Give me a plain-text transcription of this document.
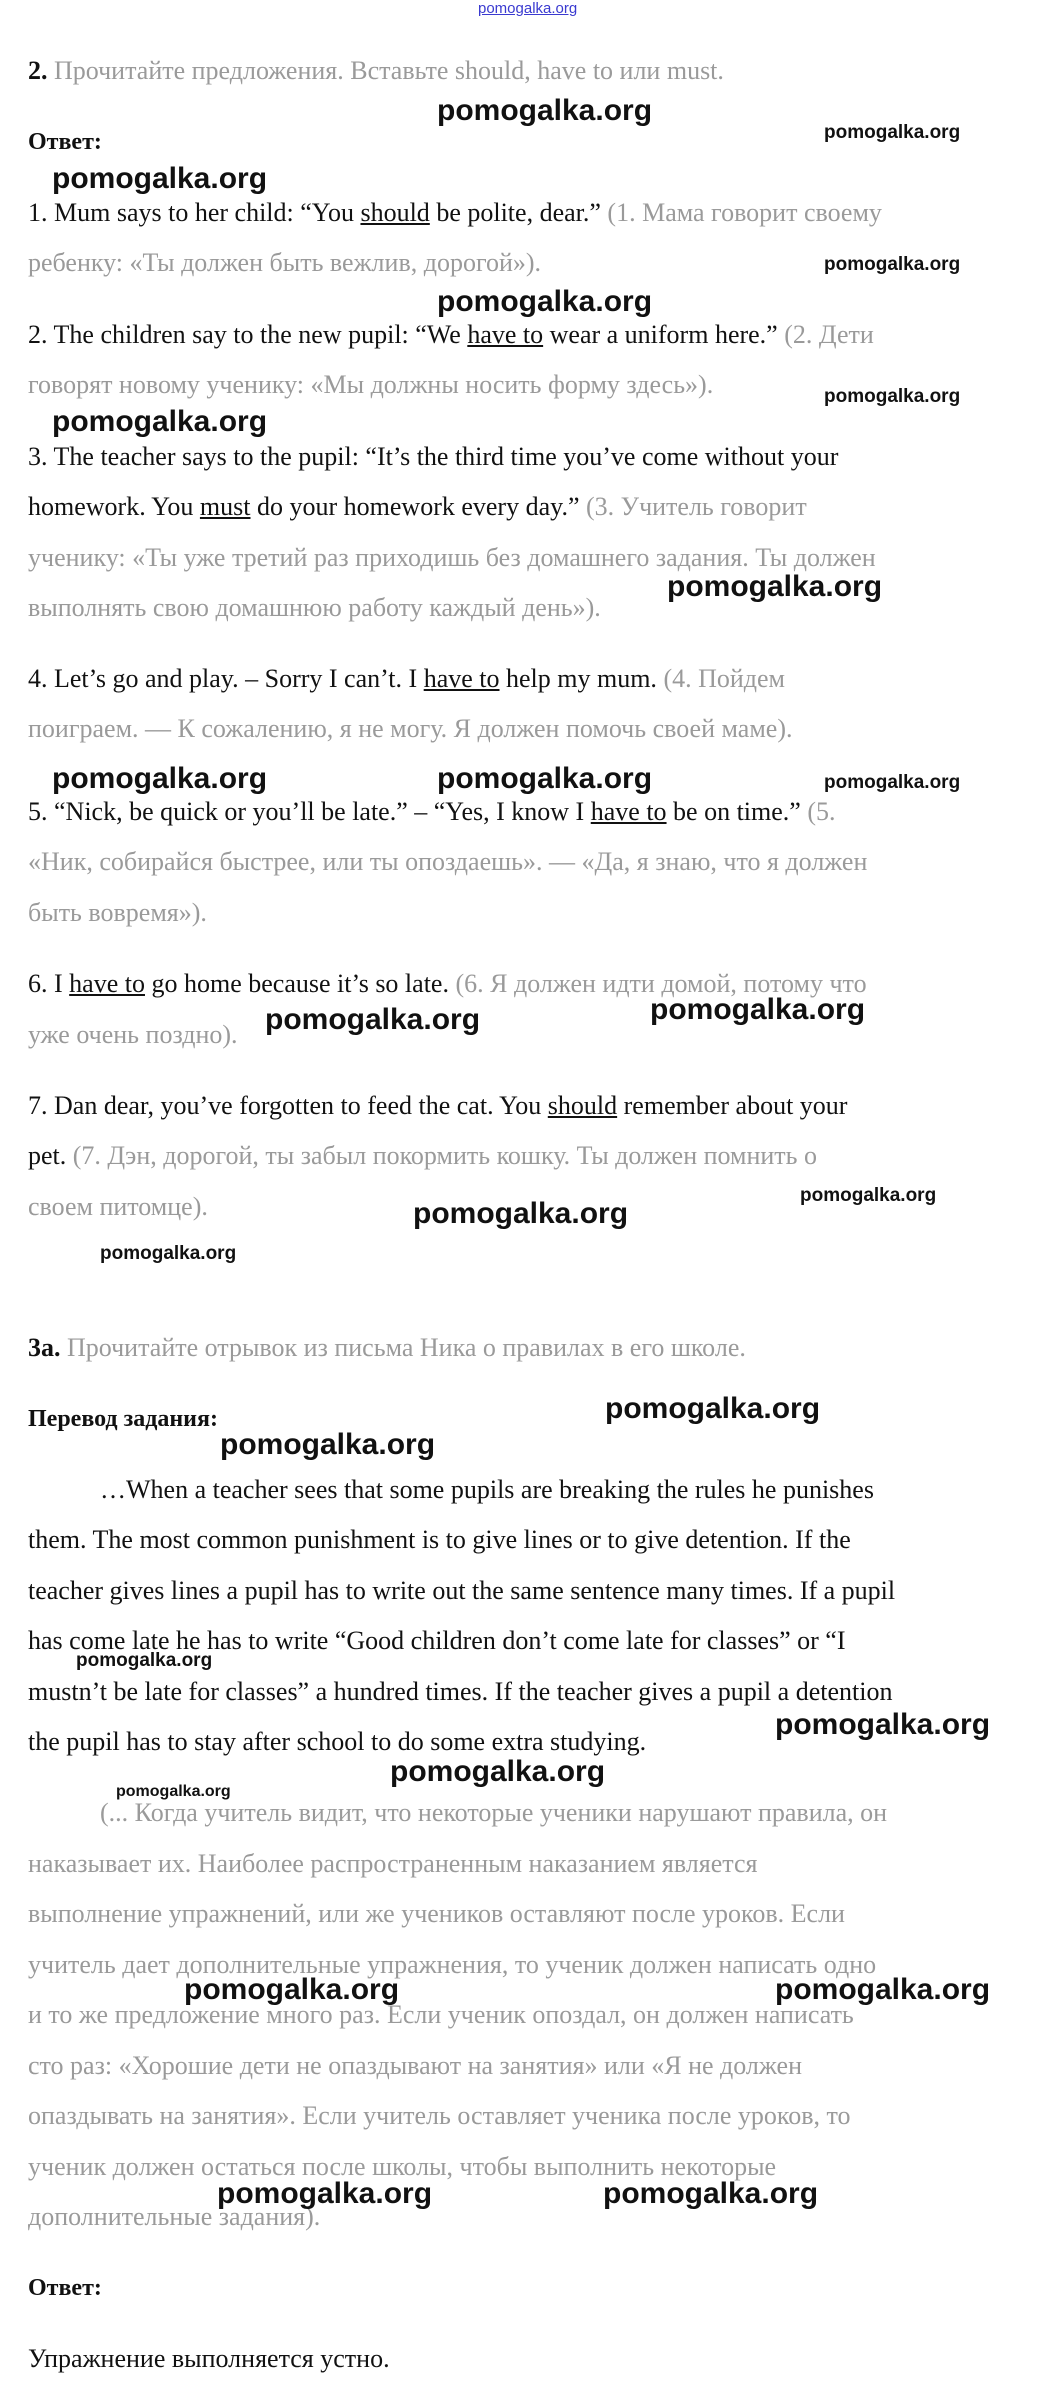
pomogalka.org
2. Прочитайте предложения. Вставьте should, have to или must.
Ответ:
1. Mum says to her child: “You should be polite, dear.” (1. Мама говорит своему
ребенку: «Ты должен быть вежлив, дорогой»).
2. The children say to the new pupil: “We have to wear a uniform here.” (2. Дети
говорят новому ученику: «Мы должны носить форму здесь»).
3. The teacher says to the pupil: “It’s the third time you’ve come without your
homework. You must do your homework every day.” (3. Учитель говорит
ученику: «Ты уже третий раз приходишь без домашнего задания. Ты должен
выполнять свою домашнюю работу каждый день»).
4. Let’s go and play. – Sorry I can’t. I have to help my mum. (4. Пойдем
поиграем. — К сожалению, я не могу. Я должен помочь своей маме).
5. “Nick, be quick or you’ll be late.” – “Yes, I know I have to be on time.” (5.
«Ник, собирайся быстрее, или ты опоздаешь». — «Да, я знаю, что я должен
быть вовремя»).
6. I have to go home because it’s so late. (6. Я должен идти домой, потому что
уже очень поздно).
7. Dan dear, you’ve forgotten to feed the cat. You should remember about your
pet. (7. Дэн, дорогой, ты забыл покормить кошку. Ты должен помнить о
своем питомце).
3a. Прочитайте отрывок из письма Ника о правилах в его школе.
Перевод задания:
…When a teacher sees that some pupils are breaking the rules he punishes
them. The most common punishment is to give lines or to give detention. If the
teacher gives lines a pupil has to write out the same sentence many times. If a pupil
has come late he has to write “Good children don’t come late for classes” or “I
mustn’t be late for classes” a hundred times. If the teacher gives a pupil a detention
the pupil has to stay after school to do some extra studying.
(... Когда учитель видит, что некоторые ученики нарушают правила, он
наказывает их. Наиболее распространенным наказанием является
выполнение упражнений, или же учеников оставляют после уроков. Если
учитель дает дополнительные упражнения, то ученик должен написать одно
и то же предложение много раз. Если ученик опоздал, он должен написать
сто раз: «Хорошие дети не опаздывают на занятия» или «Я не должен
опаздывать на занятия». Если учитель оставляет ученика после уроков, то
ученик должен остаться после школы, чтобы выполнить некоторые
дополнительные задания).
Ответ:
Упражнение выполняется устно.
pomogalka.org
pomogalka.org
pomogalka.org
pomogalka.org
pomogalka.org
pomogalka.org
pomogalka.org
pomogalka.org
pomogalka.org	pomogalka.org	pomogalka.org
pomogalka.org
pomogalka.org
pomogalka.org
pomogalka.org
pomogalka.org
pomogalka.org
pomogalka.org
pomogalka.org
pomogalka.org
pomogalka.org
pomogalka.org
pomogalka.org	pomogalka.org
pomogalka.org	pomogalka.org
